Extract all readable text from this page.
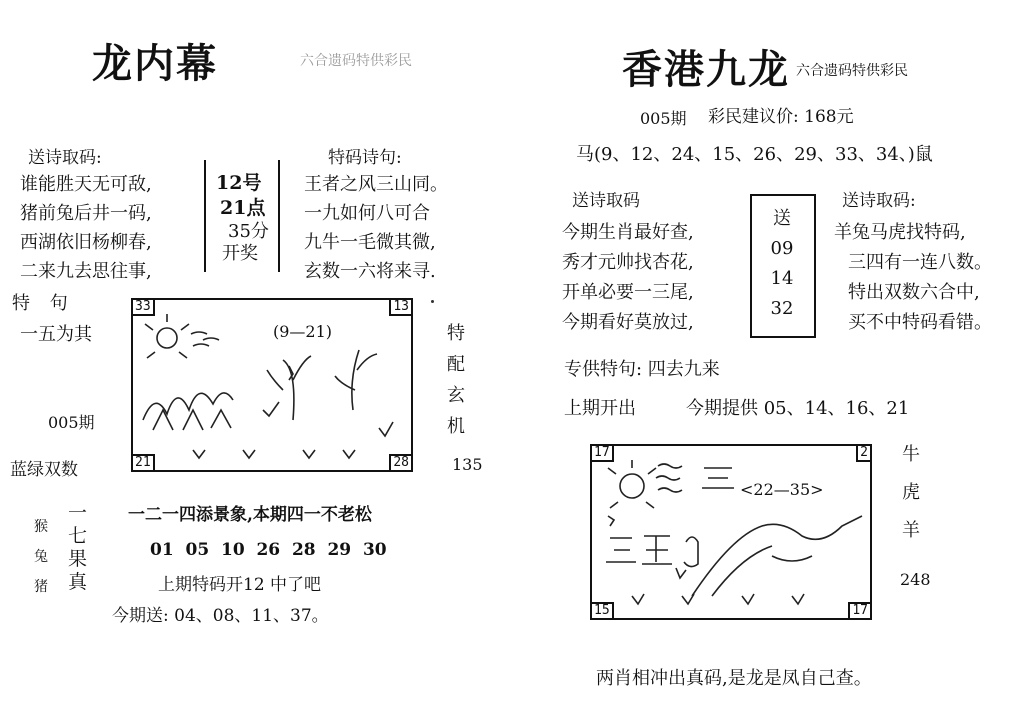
龙内幕	六合遗码特供彩民
送诗取码:	特码诗句:
谁能胜天无可敌,
猪前兔后井一码,
西湖依旧杨柳春,
二来九去思往事,
12号
21点
35分
开奖
王者之风三山同。
一九如何八可合
九牛一毛微其微,
玄数一六将来寻.
特 句
一五为其
005期
蓝绿双数
(9—21)
33	13
21	28
特
配
玄
机
135
一二一四添景象,本期四一不老松
猴
兔
猪
一
七
果
真
01  05  10  26  28  29  30
上期特码开12 中了吧
今期送: 04、08、11、37。
香港九龙 六合遗码特供彩民
005期 彩民建议价: 168元
马(9、12、24、15、26、29、33、34、)鼠
送诗取码	送诗取码:
今期生肖最好查,
秀才元帅找杏花,
开单必要一三尾,
今期看好莫放过,
送
09
14
32
羊兔马虎找特码,
三四有一连八数。
特出双数六合中,
买不中特码看错。
专供特句: 四去九来
上期开出	今期提供 05、14、16、21
<22—35>
17	2
15	17
牛
虎
羊
248
两肖相冲出真码,是龙是凤自己查。
